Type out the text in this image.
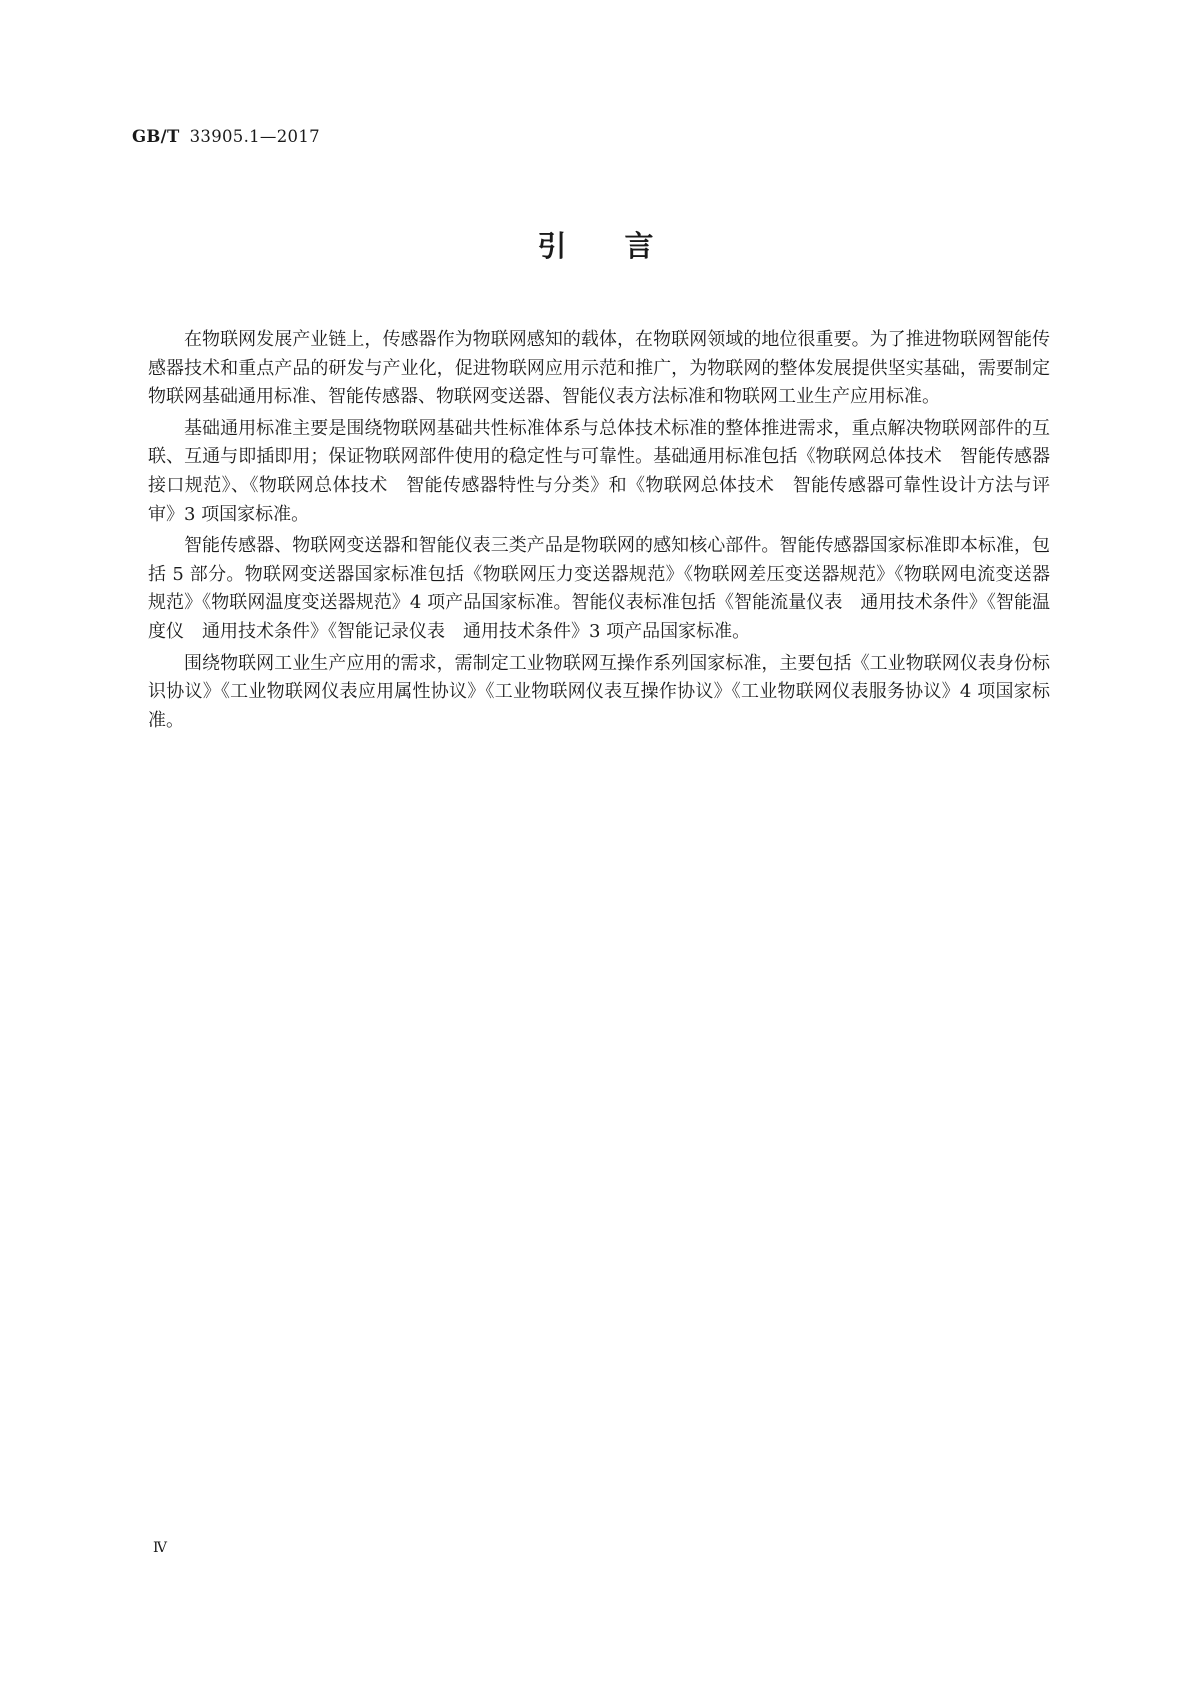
GB/T 33905.1—2017
引言

在物联网发展产业链上，传感器作为物联网感知的载体，在物联网领域的地位很重要。为了推进物联网智能传感器技术和重点产品的研发与产业化，促进物联网应用示范和推广，为物联网的整体发展提供坚实基础，需要制定物联网基础通用标准、智能传感器、物联网变送器、智能仪表方法标准和物联网工业生产应用标准。

基础通用标准主要是围绕物联网基础共性标准体系与总体技术标准的整体推进需求，重点解决物联网部件的互联、互通与即插即用；保证物联网部件使用的稳定性与可靠性。基础通用标准包括《物联网总体技术　智能传感器接口规范》、《物联网总体技术　智能传感器特性与分类》和《物联网总体技术　智能传感器可靠性设计方法与评审》3 项国家标准。

智能传感器、物联网变送器和智能仪表三类产品是物联网的感知核心部件。智能传感器国家标准即本标准，包括 5 部分。物联网变送器国家标准包括《物联网压力变送器规范》《物联网差压变送器规范》《物联网电流变送器规范》《物联网温度变送器规范》4 项产品国家标准。智能仪表标准包括《智能流量仪表　通用技术条件》《智能温度仪　通用技术条件》《智能记录仪表　通用技术条件》3 项产品国家标准。

围绕物联网工业生产应用的需求，需制定工业物联网互操作系列国家标准，主要包括《工业物联网仪表身份标识协议》《工业物联网仪表应用属性协议》《工业物联网仪表互操作协议》《工业物联网仪表服务协议》4 项国家标准。

Ⅳ
